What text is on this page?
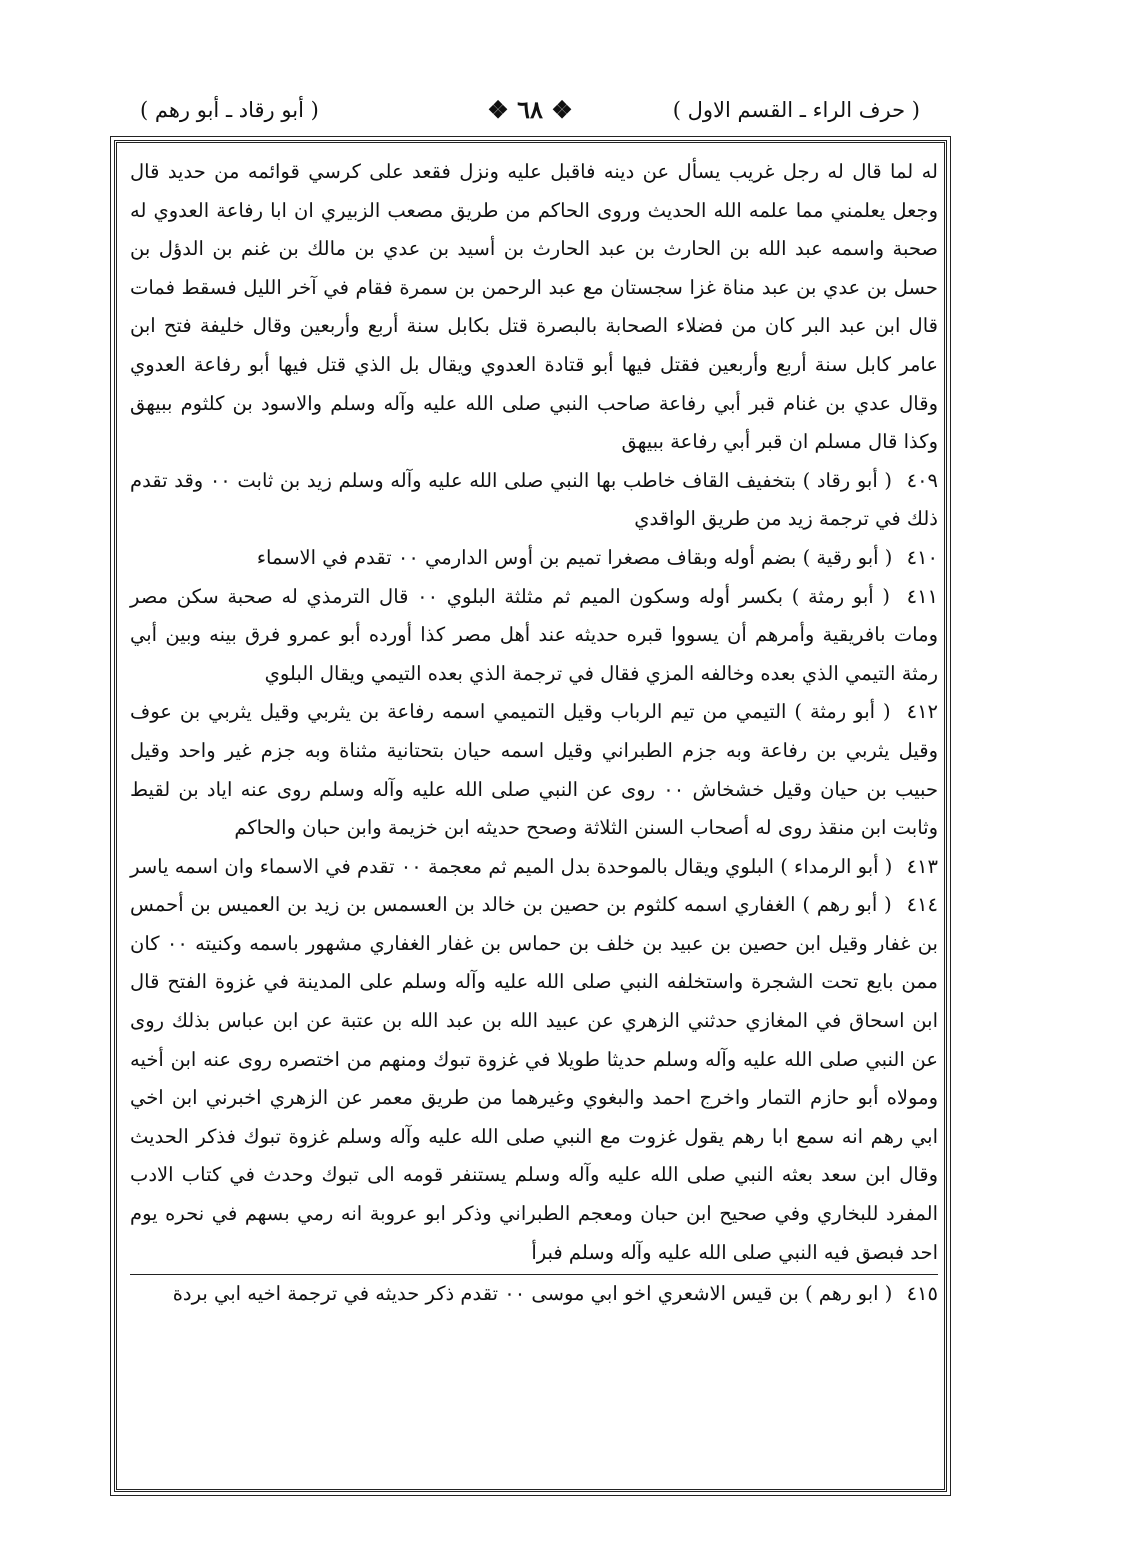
( حرف الراء ـ القسم الاول )
❖ ٦٨ ❖
( أبو رقاد ـ أبو رهم )

له لما قال له رجل غريب يسأل عن دينه فاقبل عليه ونزل فقعد على كرسي قوائمه من حديد قال وجعل يعلمني مما علمه الله الحديث وروى الحاكم من طريق مصعب الزبيري ان ابا رفاعة العدوي له صحبة واسمه عبد الله بن الحارث بن عبد الحارث بن أسيد بن عدي بن مالك بن غنم بن الدؤل بن حسل بن عدي بن عبد مناة غزا سجستان مع عبد الرحمن بن سمرة فقام في آخر الليل فسقط فمات قال ابن عبد البر كان من فضلاء الصحابة بالبصرة قتل بكابل سنة أربع وأربعين وقال خليفة فتح ابن عامر كابل سنة أربع وأربعين فقتل فيها أبو قتادة العدوي ويقال بل الذي قتل فيها أبو رفاعة العدوي وقال عدي بن غنام قبر أبي رفاعة صاحب النبي صلى الله عليه وآله وسلم والاسود بن كلثوم ببيهق وكذا قال مسلم ان قبر أبي رفاعة ببيهق

٤٠٩ ( أبو رقاد ) بتخفيف القاف خاطب بها النبي صلى الله عليه وآله وسلم زيد بن ثابت ٠٠ وقد تقدم ذلك في ترجمة زيد من طريق الواقدي

٤١٠ ( أبو رقية ) بضم أوله وبقاف مصغرا تميم بن أوس الدارمي ٠٠ تقدم في الاسماء

٤١١ ( أبو رمثة ) بكسر أوله وسكون الميم ثم مثلثة البلوي ٠٠ قال الترمذي له صحبة سكن مصر ومات بافريقية وأمرهم أن يسووا قبره حديثه عند أهل مصر كذا أورده أبو عمرو فرق بينه وبين أبي رمثة التيمي الذي بعده وخالفه المزي فقال في ترجمة الذي بعده التيمي ويقال البلوي

٤١٢ ( أبو رمثة ) التيمي من تيم الرباب وقيل التميمي اسمه رفاعة بن يثربي وقيل يثربي بن عوف وقيل يثربي بن رفاعة وبه جزم الطبراني وقيل اسمه حيان بتحتانية مثناة وبه جزم غير واحد وقيل حبيب بن حيان وقيل خشخاش ٠٠ روى عن النبي صلى الله عليه وآله وسلم روى عنه اياد بن لقيط وثابت ابن منقذ روى له أصحاب السنن الثلاثة وصحح حديثه ابن خزيمة وابن حبان والحاكم

٤١٣ ( أبو الرمداء ) البلوي ويقال بالموحدة بدل الميم ثم معجمة ٠٠ تقدم في الاسماء وان اسمه ياسر

٤١٤ ( أبو رهم ) الغفاري اسمه كلثوم بن حصين بن خالد بن العسمس بن زيد بن العميس بن أحمس بن غفار وقيل ابن حصين بن عبيد بن خلف بن حماس بن غفار الغفاري مشهور باسمه وكنيته ٠٠ كان ممن بايع تحت الشجرة واستخلفه النبي صلى الله عليه وآله وسلم على المدينة في غزوة الفتح قال ابن اسحاق في المغازي حدثني الزهري عن عبيد الله بن عبد الله بن عتبة عن ابن عباس بذلك روى عن النبي صلى الله عليه وآله وسلم حديثا طويلا في غزوة تبوك ومنهم من اختصره روى عنه ابن أخيه ومولاه أبو حازم التمار واخرج احمد والبغوي وغيرهما من طريق معمر عن الزهري اخبرني ابن اخي ابي رهم انه سمع ابا رهم يقول غزوت مع النبي صلى الله عليه وآله وسلم غزوة تبوك فذكر الحديث وقال ابن سعد بعثه النبي صلى الله عليه وآله وسلم يستنفر قومه الى تبوك وحدث في كتاب الادب المفرد للبخاري وفي صحيح ابن حبان ومعجم الطبراني وذكر ابو عروبة انه رمي بسهم في نحره يوم احد فبصق فيه النبي صلى الله عليه وآله وسلم فبرأ

٤١٥ ( ابو رهم ) بن قيس الاشعري اخو ابي موسى ٠٠ تقدم ذكر حديثه في ترجمة اخيه ابي بردة
